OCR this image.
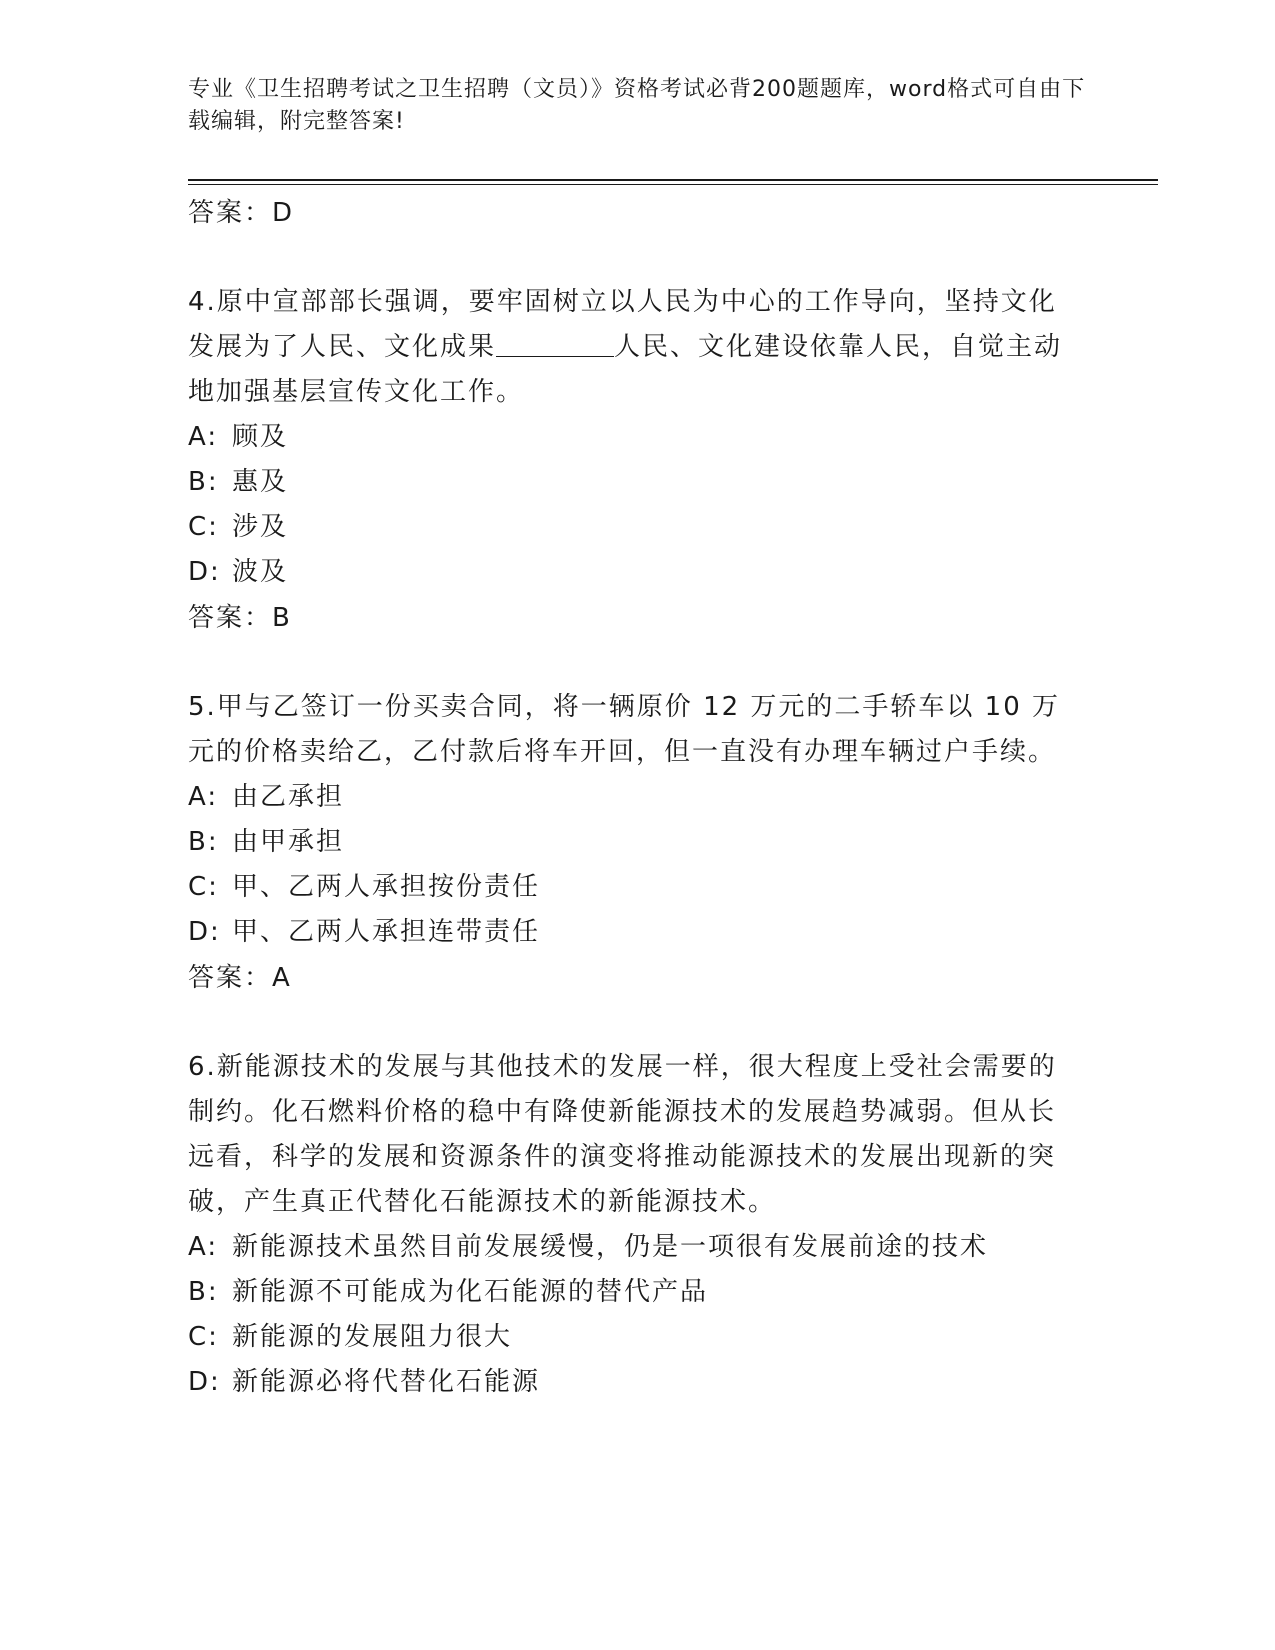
专业《卫生招聘考试之卫生招聘（文员）》资格考试必背200题题库，word格式可自由下载编辑，附完整答案!
答案：D
4.原中宣部部长强调，要牢固树立以人民为中心的工作导向，坚持文化发展为了人民、文化成果	人民、文化建设依靠人民，自觉主动地加强基层宣传文化工作。
A: 顾及
B: 惠及
C: 涉及
D: 波及
答案：B
5.甲与乙签订一份买卖合同，将一辆原价 12 万元的二手轿车以 10 万元的价格卖给乙，乙付款后将车开回，但一直没有办理车辆过户手续。
A: 由乙承担
B: 由甲承担
C: 甲、乙两人承担按份责任
D: 甲、乙两人承担连带责任
答案：A
6.新能源技术的发展与其他技术的发展一样，很大程度上受社会需要的制约。化石燃料价格的稳中有降使新能源技术的发展趋势减弱。但从长远看，科学的发展和资源条件的演变将推动能源技术的发展出现新的突破，产生真正代替化石能源技术的新能源技术。
A: 新能源技术虽然目前发展缓慢，仍是一项很有发展前途的技术
B: 新能源不可能成为化石能源的替代产品
C: 新能源的发展阻力很大
D: 新能源必将代替化石能源
